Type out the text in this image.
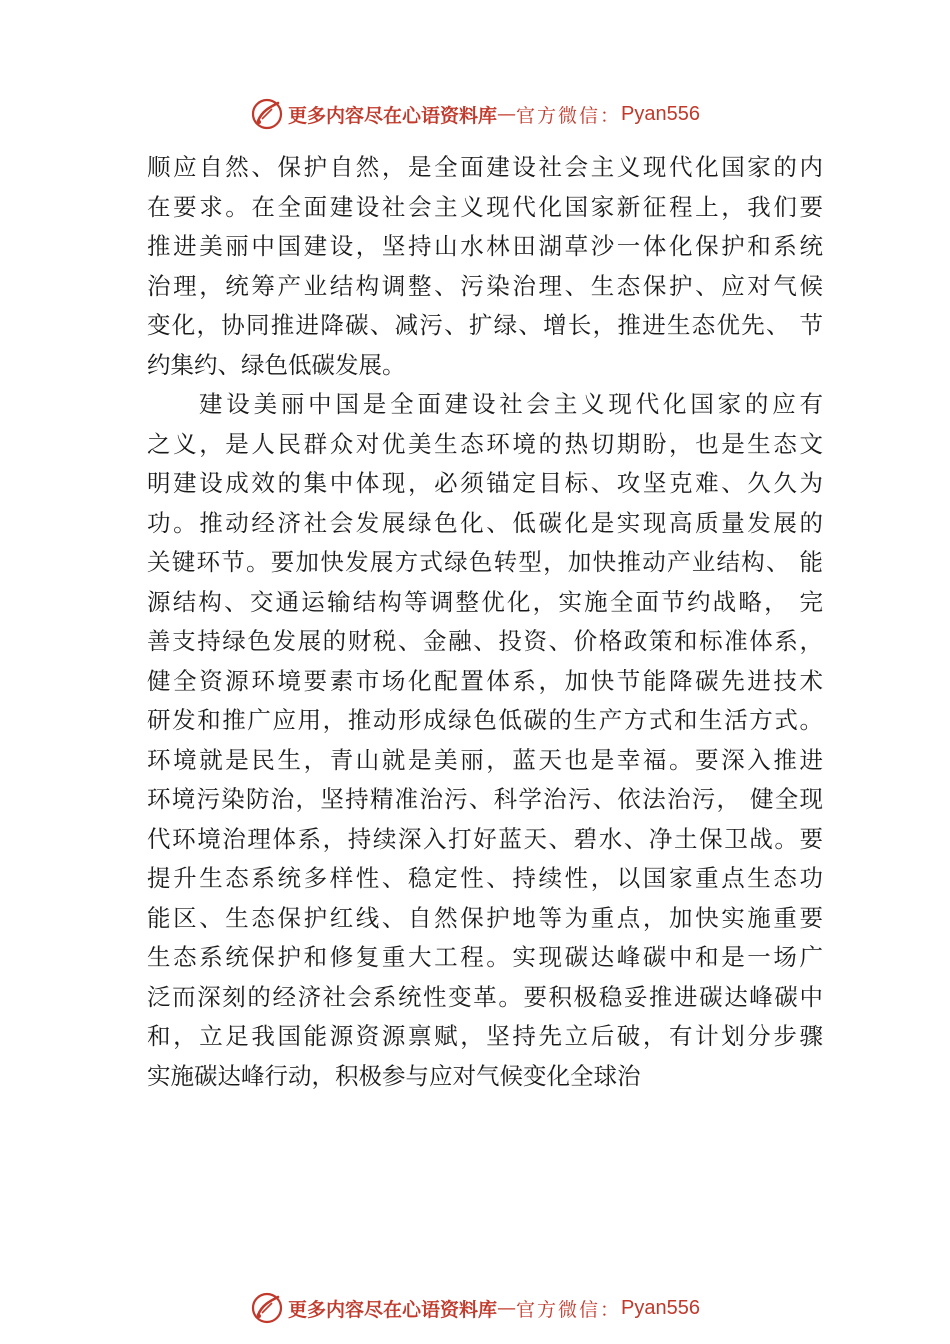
更多内容尽在心语资料库 — 官方微信： Pyan556
顺应自然、保护自然，是全面建设社会主义现代化国家的内
在要求。在全面建设社会主义现代化国家新征程上，我们要
推进美丽中国建设，坚持山水林田湖草沙一体化保护和系统
治理，统筹产业结构调整、污染治理、生态保护、应对气候
变化，协同推进降碳、减污、扩绿、增长，推进生态优先、 节
约集约、绿色低碳发展。
建设美丽中国是全面建设社会主义现代化国家的应有
之义，是人民群众对优美生态环境的热切期盼，也是生态文
明建设成效的集中体现，必须锚定目标、攻坚克难、久久为
功。推动经济社会发展绿色化、低碳化是实现高质量发展的
关键环节。要加快发展方式绿色转型，加快推动产业结构、 能
源结构、交通运输结构等调整优化，实施全面节约战略， 完
善支持绿色发展的财税、金融、投资、价格政策和标准体系，
健全资源环境要素市场化配置体系，加快节能降碳先进技术
研发和推广应用，推动形成绿色低碳的生产方式和生活方式。
环境就是民生，青山就是美丽，蓝天也是幸福。要深入推进
环境污染防治，坚持精准治污、科学治污、依法治污， 健全现
代环境治理体系，持续深入打好蓝天、碧水、净土保卫战。要
提升生态系统多样性、稳定性、持续性，以国家重点生态功
能区、生态保护红线、自然保护地等为重点，加快实施重要
生态系统保护和修复重大工程。实现碳达峰碳中和是一场广
泛而深刻的经济社会系统性变革。要积极稳妥推进碳达峰碳中
和，立足我国能源资源禀赋，坚持先立后破，有计划分步骤
实施碳达峰行动，积极参与应对气候变化全球治
更多内容尽在心语资料库 — 官方微信： Pyan556
